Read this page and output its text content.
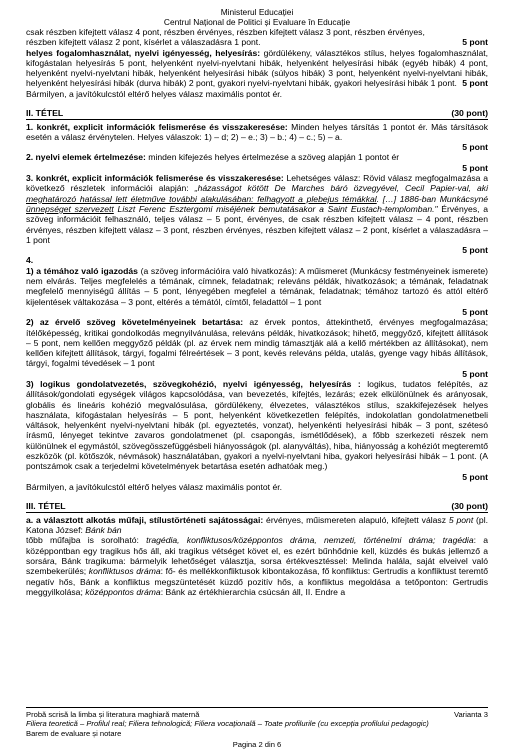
Ministerul Educației
Centrul Național de Politici și Evaluare în Educație

csak részben kifejtett válasz 4 pont, részben érvényes, részben kifejtett válasz 3 pont, részben érvényes,

részben kifejtett válasz 2 pont, kísérlet a válaszadásra 1 pont.	5 pont

helyes fogalomhasználat, nyelvi igényesség, helyesírás: gördülékeny, választékos stílus, helyes fogalomhasználat, kifogástalan helyesírás 5 pont, helyenként nyelvi-nyelvtani hibák, helyenként helyesírási hibák (egyéb hibák) 4 pont, helyenként nyelvi-nyelvtani hibák, helyenként helyesírási hibák (súlyos hibák) 3 pont, helyenként nyelvi-nyelvtani hibák, helyenként helyesírási hibák (durva hibák) 2 pont, gyakori nyelvi-nyelvtani hibák, gyakori helyesírási hibák 1 pont. 5 pont

Bármilyen, a javítókulcstól eltérő helyes válasz maximális pontot ér.

II. TÉTEL	(30 pont)

1. konkrét, explicit információk felismerése és visszakeresése: Minden helyes társítás 1 pontot ér. Más társítások esetén a válasz érvénytelen. Helyes válaszok: 1) – d; 2) – e.; 3) – b.; 4) – c.; 5) – a.

5 pont

2. nyelvi elemek értelmezése: minden kifejezés helyes értelmezése a szöveg alapján 1 pontot ér

5 pont

3. konkrét, explicit információk felismerése és visszakeresése: Lehetséges válasz: Rövid válasz megfogalmazása a következő részletek információi alapján: „házasságot kötött De Marches báró özvegyével, Cecil Papier-val, aki meghatározó hatással lett életműve további alakulásában: felhagyott a plebejus témákkal. […] 1886-ban Munkácsyné ünnepséget szervezett Liszt Ferenc Esztergomi miséjének bemutatásakor a Saint Eustach-templomban." Érvényes, a szöveg információit felhasználó, teljes válasz – 5 pont, érvényes, de csak részben kifejtett válasz – 4 pont, részben érvényes, részben kifejtett válasz – 3 pont, részben érvényes, részben kifejtett válasz – 2 pont, kísérlet a válaszadásra – 1 pont

5 pont

4.

1) a témához való igazodás (a szöveg információira való hivatkozás): A műismeret (Munkácsy festményeinek ismerete) nem elvárás. Teljes megfelelés a témának, címnek, feladatnak; releváns példák, hivatkozások; a témának, feladatnak megfelelő mennyiségű állítás – 5 pont, lényegében megfelel a témának, feladatnak; témához tartozó és attól eltérő kijelentések váltakozása – 3 pont, eltérés a témától, címtől, feladattól – 1 pont

5 pont

2) az érvelő szöveg követelményeinek betartása: az érvek pontos, áttekinthető, érvényes megfogalmazása; ítélőképesség, kritikai gondolkodás megnyilvánulása, releváns példák, hivatkozások; hihető, meggyőző, kifejtett állítások – 5 pont, nem kellően meggyőző példák (pl. az érvek nem mindig támasztják alá a kellő mértékben az állításokat), nem kellően kifejtett állítások, tárgyi, fogalmi félreértések – 3 pont, kevés releváns példa, utalás, gyenge vagy hibás állítások, tárgyi, fogalmi tévedések – 1 pont

5 pont

3) logikus gondolatvezetés, szövegkohézió, nyelvi igényesség, helyesírás : logikus, tudatos felépítés, az állítások/gondolati egységek világos kapcsolódása, van bevezetés, kifejtés, lezárás; ezek elkülönülnek és arányosak, globális és lineáris kohézió megvalósulása, gördülékeny, élvezetes, választékos stílus, szakkifejezések helyes használata, kifogástalan helyesírás – 5 pont, helyenként következetlen felépítés, indokolatlan gondolatmenetbeli váltások, helyenként nyelvi-nyelvtani hibák (pl. egyeztetés, vonzat), helyenkénti helyesírási hibák – 3 pont, szétesó írásmű, lényeget tekintve zavaros gondolatmenet (pl. csapongás, ismétlődések), a főbb szerkezeti részek nem különülnek el egymástól, szövegösszefüggésbeli hiányosságok (pl. alanyváltás), hiba, hiányosság a kohéziót megteremtő eszközök (pl. kötőszók, névmások) használatában, gyakori a nyelvi-nyelvtani hiba, gyakori helyesírási hibák – 1 pont. (A pontszámok csak a terjedelmi követelmények betartása esetén adhatóak meg.)

5 pont

Bármilyen, a javítókulcstól eltérő helyes válasz maximális pontot ér.

III. TÉTEL	(30 pont)

a. a választott alkotás műfaji, stílustörténeti sajátosságai: érvényes, műismereten alapuló, kifejtett válasz 5 pont (pl. Katona József: Bánk bán
tőbb műfajba is sorolható: tragédia, konfliktusos/középpontos dráma, nemzeti, történelmi dráma; tragédia: a középpontban egy tragikus hős áll, aki tragikus vétséget követ el, es ezért bűnhődnie kell, küzdés és bukás jellemző a sorsára, Bánk tragikuma: bármelyik lehetőséget választja, sorsa értékvesztéssel: Melinda halála, saját elveivel való szembekerülés; konfliktusos dráma: fő- és mellékkonfliktusok kibontakozása, fő konfliktus: Gertrudis a konfliktust teremtő negatív hős, Bánk a konfliktus megszüntetését küzdő pozitív hős, a konfliktus megoldása a tetőponton: Gertrudis meggyilkolása; középpontos dráma: Bánk az értékhierarchia csúcsán áll, II. Endre a

Probă scrisă la limba și literatura maghiară maternă	Varianta 3
Filiera teoretică – Profilul real; Filiera tehnologică; Filiera vocațională – Toate profilurile (cu excepția profilului pedagogic)
Barem de evaluare și notare
Pagina 2 din 6
